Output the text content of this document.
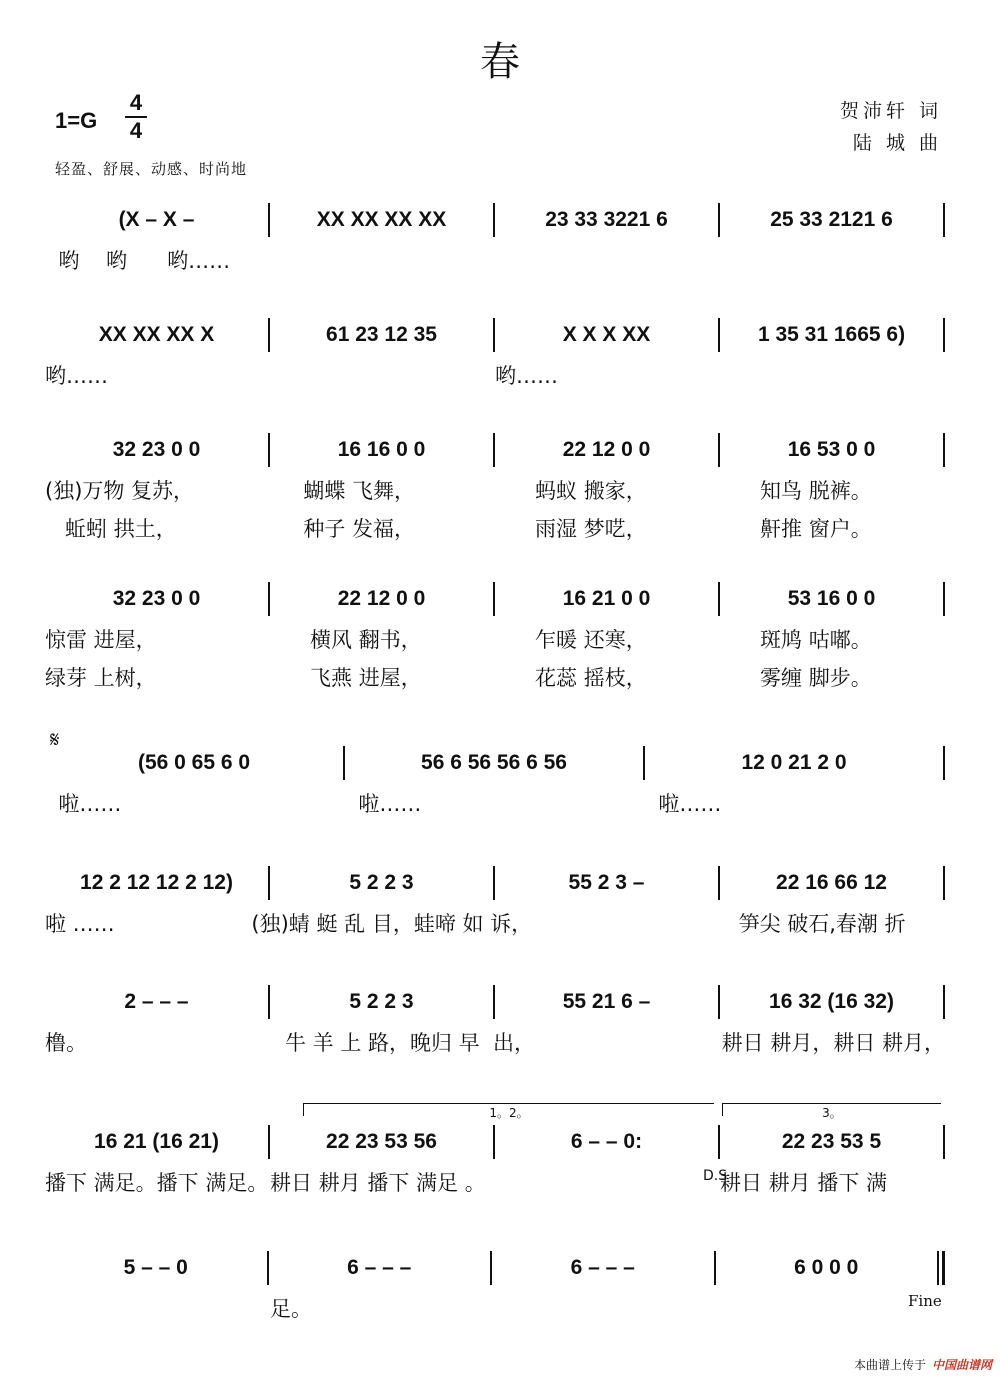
春
$1=G \frac{4}{4}$
轻盈、舒展、动感、时尚地
贺沛轩 词
陆 城 曲
𝄋
1。2。	3。
D.S
Fine
(X – X –	XX XX XX XX	23 33 3221 6	25 33 2121 6
哟    哟      哟……
XX XX XX X	61 23 12 35	X X X XX	1 35 31 1665 6)
哟……	哟……
32 23 0 0	16 16 0 0	22 12 0 0	16 53 0 0
(独)万物 复苏，	蝴蝶 飞舞，	蚂蚁 搬家，	知鸟 脱裤。
蚯蚓 拱土，	种子 发福，	雨湿 梦呓，	鼾推 窗户。
32 23 0 0	22 12 0 0	16 21 0 0	53 16 0 0
惊雷 进屋，	横风 翻书，	乍暖 还寒，	斑鸠 咕嘟。
绿芽 上树，	飞燕 进屋，	花蕊 摇枝，	雾缠 脚步。
(56 0 65 6 0	56 6 56 56 6 56	12 0 21 2 0
啦……	啦……	啦……
12 2 12 12 2 12)	5 2 2 3	55 2 3 –	22 16 66 12
啦 ……	(独)蜻 蜓 乱 目，蛙啼 如 诉，	笋尖 破石,春潮 折
2 – – –	5 2 2 3	55 21 6 –	16 32 (16 32)
橹。	牛 羊 上 路，晚归 早  出，	耕日 耕月，耕日 耕月，
16 21 (16 21)	22 23 53 56	6 – – 0:	22 23 53 5
播下 满足。播下 满足。 耕日 耕月 播下 满足 。	耕日 耕月 播下 满
5 – – 0	6 – – –	6 – – –	6 0 0 0
足。
本曲谱上传于 中国曲谱网
